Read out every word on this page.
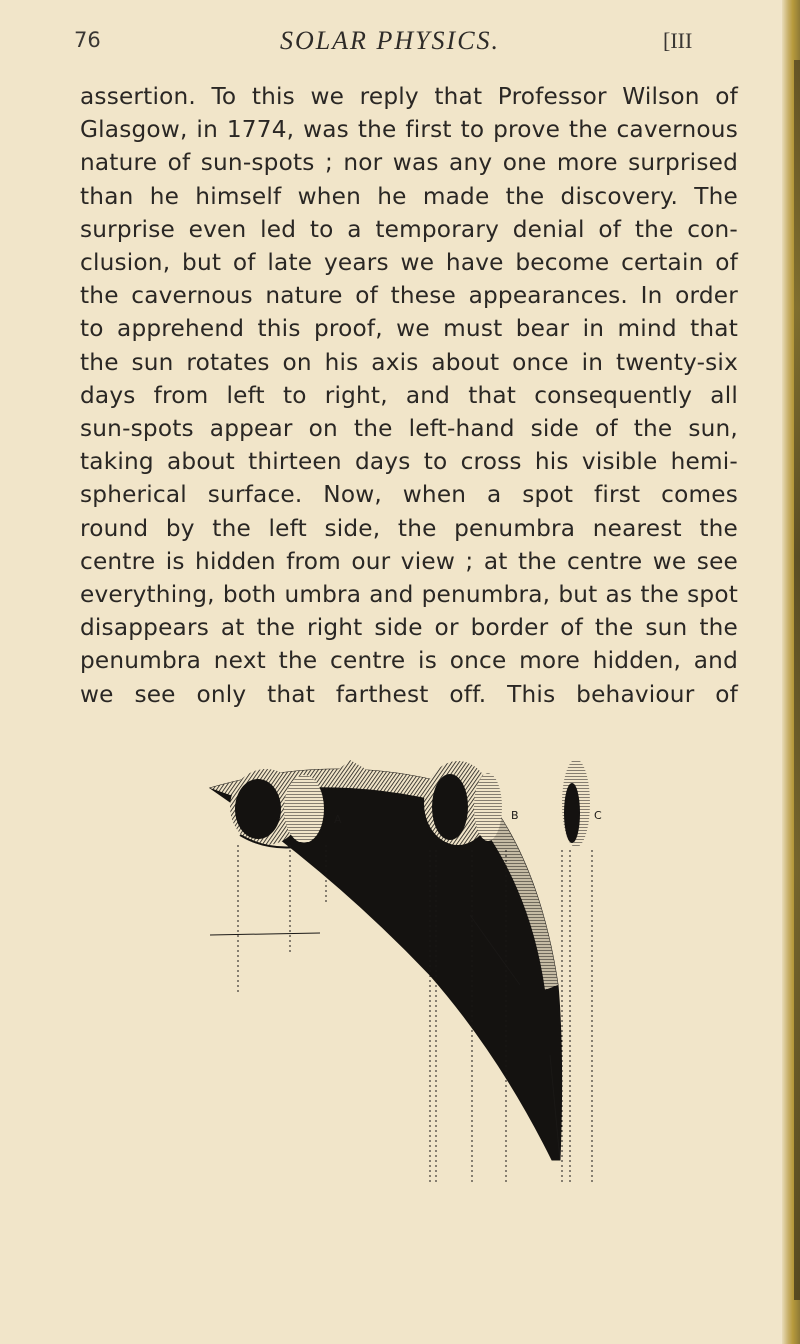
76	SOLAR PHYSICS.	[III

assertion. To this we reply that Professor Wilson of
Glasgow, in 1774, was the first to prove the cavernous
nature of sun-spots ; nor was any one more surprised
than he himself when he made the discovery. The
surprise even led to a temporary denial of the con-
clusion, but of late years we have become certain of
the cavernous nature of these appearances. In order
to apprehend this proof, we must bear in mind that
the sun rotates on his axis about once in twenty-six
days from left to right, and that consequently all
sun-spots appear on the left-hand side of the sun,
taking about thirteen days to cross his visible hemi-
spherical surface. Now, when a spot first comes
round by the left side, the penumbra nearest the
centre is hidden from our view ; at the centre we see
everything, both umbra and penumbra, but as the spot
disappears at the right side or border of the sun the
penumbra next the centre is once more hidden, and
we see only that farthest off. This behaviour of

A	B	C
